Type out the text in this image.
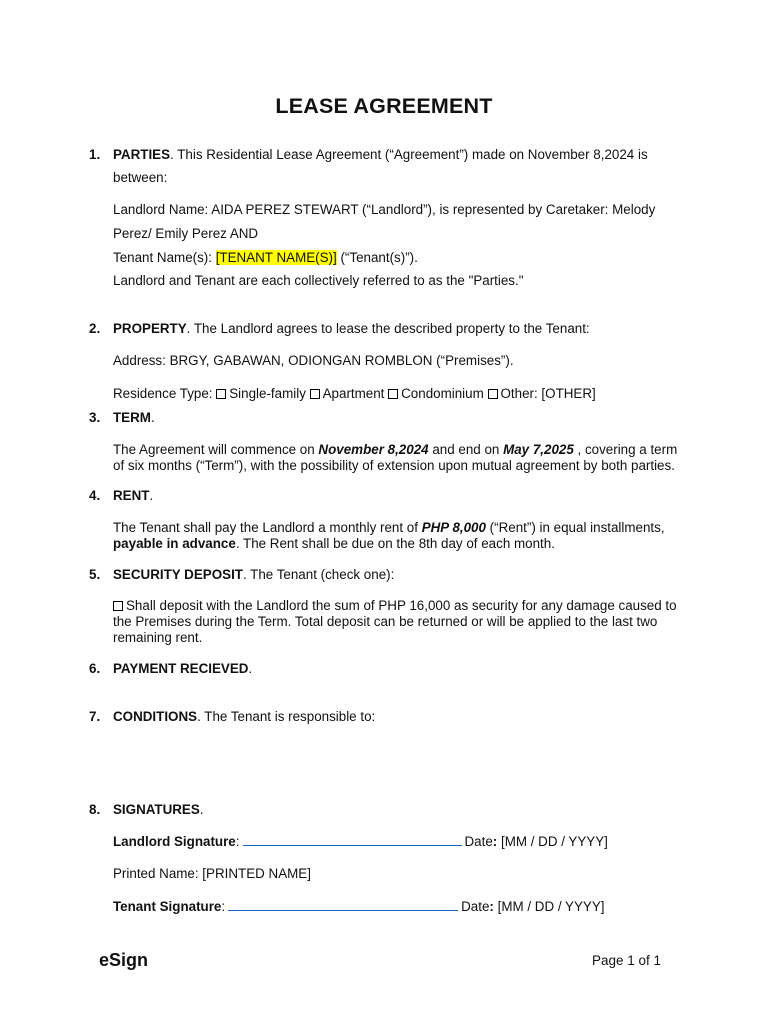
LEASE AGREEMENT
1. PARTIES. This Residential Lease Agreement (“Agreement”) made on November 8,2024 is
between:
Landlord Name: AIDA PEREZ STEWART (“Landlord”), is represented by Caretaker: Melody
Perez/ Emily Perez AND
Tenant Name(s): [TENANT NAME(S)] (“Tenant(s)”).
Landlord and Tenant are each collectively referred to as the "Parties."
2. PROPERTY. The Landlord agrees to lease the described property to the Tenant:
Address: BRGY, GABAWAN, ODIONGAN ROMBLON (“Premises”).
Residence Type: Single-family Apartment Condominium Other: [OTHER]
3. TERM.
The Agreement will commence on November 8,2024 and end on May 7,2025 , covering a term
of six months (“Term”), with the possibility of extension upon mutual agreement by both parties.
4. RENT.
The Tenant shall pay the Landlord a monthly rent of PHP 8,000 (“Rent”) in equal installments,
payable in advance. The Rent shall be due on the 8th day of each month.
5. SECURITY DEPOSIT. The Tenant (check one):
Shall deposit with the Landlord the sum of PHP 16,000 as security for any damage caused to
the Premises during the Term. Total deposit can be returned or will be applied to the last two
remaining rent.
6. PAYMENT RECIEVED.
7. CONDITIONS. The Tenant is responsible to:
8. SIGNATURES.
Landlord Signature:	Date: [MM / DD / YYYY]
Printed Name: [PRINTED NAME]
Tenant Signature:	Date: [MM / DD / YYYY]
eSign	Page 1 of 1
